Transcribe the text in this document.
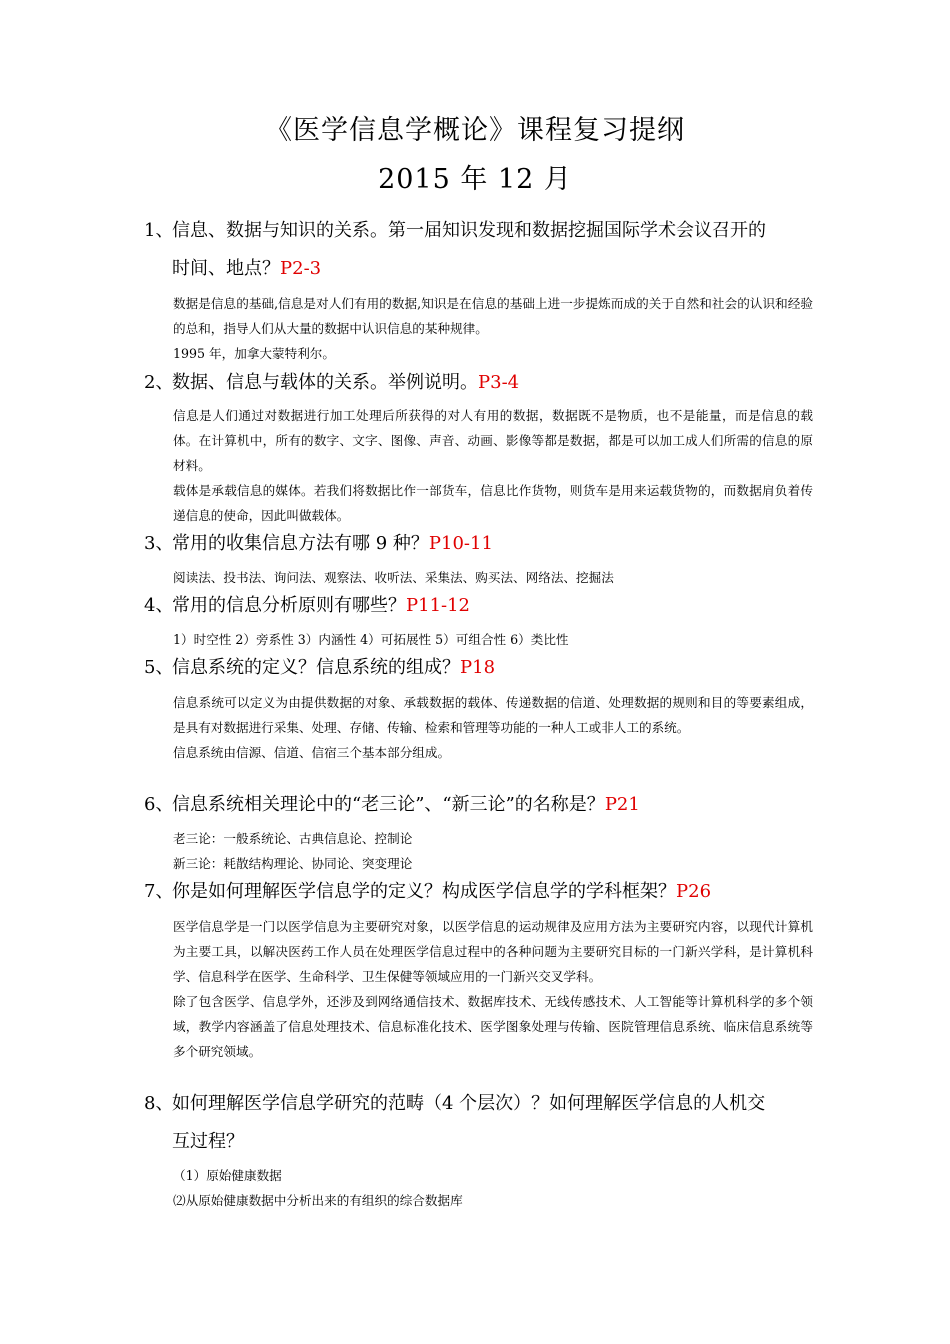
《医学信息学概论》课程复习提纲
2015 年 12 月
1、信息、数据与知识的关系。第一届知识发现和数据挖掘国际学术会议召开的
时间、地点？P2-3

数据是信息的基础,信息是对人们有用的数据,知识是在信息的基础上进一步提炼而成的关于自然和社会的认识和经验的总和，指导人们从大量的数据中认识信息的某种规律。

1995 年，加拿大蒙特利尔。

2、数据、信息与载体的关系。举例说明。P3-4

信息是人们通过对数据进行加工处理后所获得的对人有用的数据，数据既不是物质，也不是能量，而是信息的载体。在计算机中，所有的数字、文字、图像、声音、动画、影像等都是数据，都是可以加工成人们所需的信息的原材料。

载体是承载信息的媒体。若我们将数据比作一部货车，信息比作货物，则货车是用来运载货物的，而数据肩负着传递信息的使命，因此叫做载体。

3、常用的收集信息方法有哪 9 种？P10-11

阅读法、投书法、询问法、观察法、收听法、采集法、购买法、网络法、挖掘法

4、常用的信息分析原则有哪些？P11-12

1）时空性 2）旁系性 3）内涵性 4）可拓展性 5）可组合性 6）类比性

5、信息系统的定义？信息系统的组成？P18

信息系统可以定义为由提供数据的对象、承载数据的载体、传递数据的信道、处理数据的规则和目的等要素组成，是具有对数据进行采集、处理、存储、传输、检索和管理等功能的一种人工或非人工的系统。

信息系统由信源、信道、信宿三个基本部分组成。

6、信息系统相关理论中的“老三论”、“新三论”的名称是？P21

老三论：一般系统论、古典信息论、控制论

新三论：耗散结构理论、协同论、突变理论

7、你是如何理解医学信息学的定义？构成医学信息学的学科框架？P26

医学信息学是一门以医学信息为主要研究对象，以医学信息的运动规律及应用方法为主要研究内容，以现代计算机为主要工具，以解决医药工作人员在处理医学信息过程中的各种问题为主要研究目标的一门新兴学科，是计算机科学、信息科学在医学、生命科学、卫生保健等领域应用的一门新兴交叉学科。

除了包含医学、信息学外，还涉及到网络通信技术、数据库技术、无线传感技术、人工智能等计算机科学的多个领域，教学内容涵盖了信息处理技术、信息标准化技术、医学图象处理与传输、医院管理信息系统、临床信息系统等多个研究领域。

8、如何理解医学信息学研究的范畴（4 个层次）？如何理解医学信息的人机交
互过程？

（1）原始健康数据

⑵从原始健康数据中分析出来的有组织的综合数据库
